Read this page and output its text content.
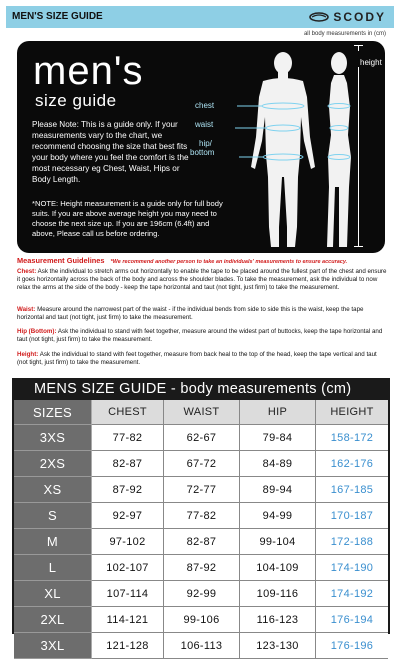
MEN'S SIZE GUIDE	SCODY
all body measurements in (cm)
men's
size guide
Please Note: This is a guide only. If your measurements vary to the chart, we recommend choosing the size that best fits your body where you feel the comfort is the most necessary eg Chest, Waist, Hips or Body Length.
*NOTE: Height measurement is a guide only for full body suits. If you are above average height you may need to choose the next size up. If you are 196cm (6.4ft) and above, Please call us before ordering.
chest
waist
hip/
bottom
height
Measurement Guidelines *We recommend another person to take an individuals' measurements to ensure accuracy.
Chest: Ask the individual to stretch arms out horizontally to enable the tape to be placed around the fullest part of the chest and ensure it goes horizontally across the back of the body and across the shoulder blades. To take the measurement, ask the individual to now relax the arms at the side of the body - keep the tape horizontal and taut (not tight, just firm) to take the measurement.
Waist: Measure around the narrowest part of the waist - if the individual bends from side to side this is the waist, keep the tape horizontal and taut (not tight, just firm) to take the measurement.
Hip (Bottom): Ask the individual to stand with feet together, measure around the widest part of buttocks, keep the tape horizontal and taut (not tight, just firm) to take the measurement.
Height: Ask the individual to stand with feet together, measure from back heal to the top of the head, keep the tape vertical and taut (not tight, just firm) to take the measurement.
MENS SIZE GUIDE - body measurements (cm)
SIZES	CHEST	WAIST	HIP	HEIGHT
3XS	77-82	62-67	79-84	158-172
2XS	82-87	67-72	84-89	162-176
XS	87-92	72-77	89-94	167-185
S	92-97	77-82	94-99	170-187
M	97-102	82-87	99-104	172-188
L	102-107	87-92	104-109	174-190
XL	107-114	92-99	109-116	174-192
2XL	114-121	99-106	116-123	176-194
3XL	121-128	106-113	123-130	176-196
